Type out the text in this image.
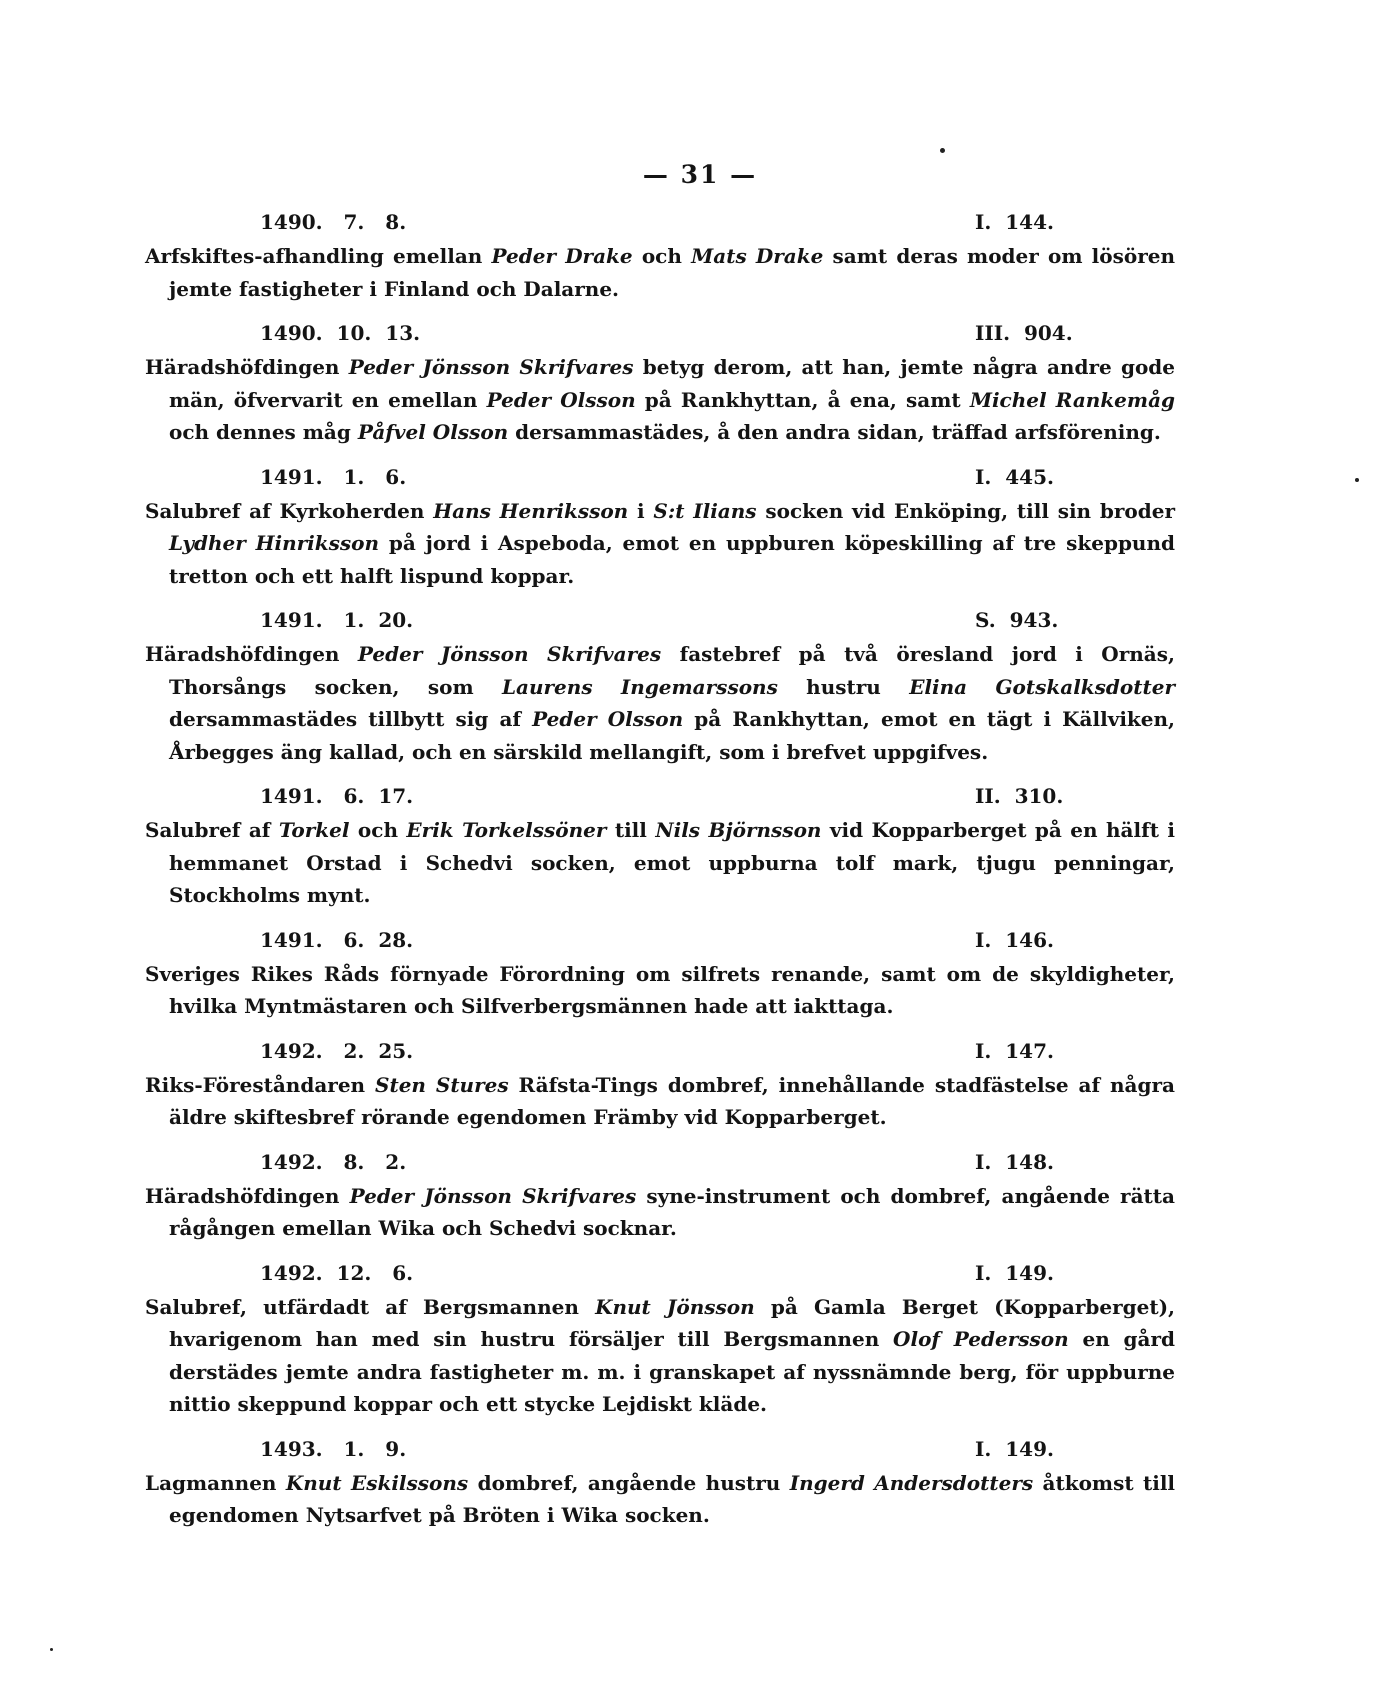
— 31 —
1490.   7.   8.	I.  144.
Arfskiftes-afhandling emellan Peder Drake och Mats Drake samt deras moder om lösören jemte fastigheter i Finland och Dalarne.
1490.  10.  13.	III.  904.
Häradshöfdingen Peder Jönsson Skrifvares betyg derom, att han, jemte några andre gode män, öfvervarit en emellan Peder Olsson på Rankhyttan, å ena, samt Michel Rankemåg och dennes måg Påfvel Olsson dersammastädes, å den andra sidan, träffad arfsförening.
1491.   1.   6.	I.  445.
Salubref af Kyrkoherden Hans Henriksson i S:t Ilians socken vid Enköping, till sin broder Lydher Hinriksson på jord i Aspeboda, emot en uppburen köpeskilling af tre skeppund tretton och ett halft lispund koppar.
1491.   1.  20.	S.  943.
Häradshöfdingen Peder Jönsson Skrifvares fastebref på två öresland jord i Ornäs, Thorsångs socken, som Laurens Ingemarssons hustru Elina Gotskalksdotter dersammastädes tillbytt sig af Peder Olsson på Rankhyttan, emot en tägt i Källviken, Årbegges äng kallad, och en särskild mellangift, som i brefvet uppgifves.
1491.   6.  17.	II.  310.
Salubref af Torkel och Erik Torkelssöner till Nils Björnsson vid Kopparberget på en hälft i hemmanet Orstad i Schedvi socken, emot uppburna tolf mark, tjugu penningar, Stockholms mynt.
1491.   6.  28.	I.  146.
Sveriges Rikes Råds förnyade Förordning om silfrets renande, samt om de skyldigheter, hvilka Myntmästaren och Silfverbergsmännen hade att iakttaga.
1492.   2.  25.	I.  147.
Riks-Föreståndaren Sten Stures Räfsta-Tings dombref, innehållande stadfästelse af några äldre skiftesbref rörande egendomen Främby vid Kopparberget.
1492.   8.   2.	I.  148.
Häradshöfdingen Peder Jönsson Skrifvares syne-instrument och dombref, angående rätta rågången emellan Wika och Schedvi socknar.
1492.  12.   6.	I.  149.
Salubref, utfärdadt af Bergsmannen Knut Jönsson på Gamla Berget (Kopparberget), hvarigenom han med sin hustru försäljer till Bergsmannen Olof Pedersson en gård derstädes jemte andra fastigheter m. m. i granskapet af nyssnämnde berg, för uppburne nittio skeppund koppar och ett stycke Lejdiskt kläde.
1493.   1.   9.	I.  149.
Lagmannen Knut Eskilssons dombref, angående hustru Ingerd Andersdotters åtkomst till egendomen Nytsarfvet på Bröten i Wika socken.
